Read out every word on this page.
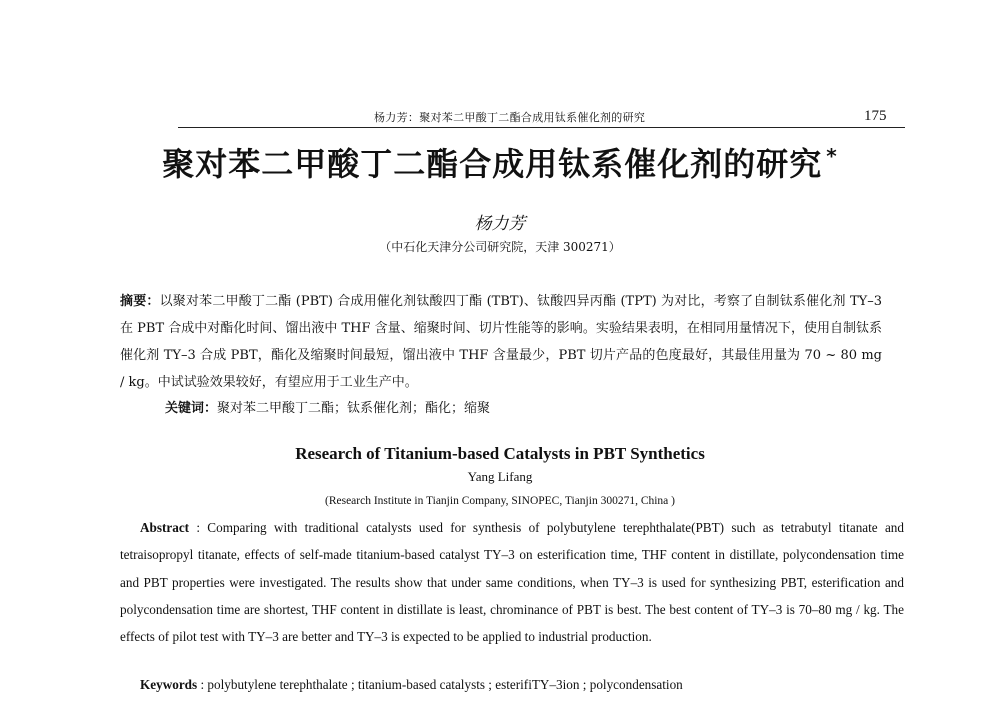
杨力芳：聚对苯二甲酸丁二酯合成用钛系催化剂的研究	175
聚对苯二甲酸丁二酯合成用钛系催化剂的研究 *
杨力芳
（中石化天津分公司研究院，天津 300271）
摘要：以聚对苯二甲酸丁二酯 (PBT) 合成用催化剂钛酸四丁酯 (TBT)、钛酸四异丙酯 (TPT) 为对比，考察了自制钛系催化剂 TY–3 在 PBT 合成中对酯化时间、馏出液中 THF 含量、缩聚时间、切片性能等的影响。实验结果表明，在相同用量情况下，使用自制钛系催化剂 TY–3 合成 PBT，酯化及缩聚时间最短，馏出液中 THF 含量最少，PBT 切片产品的色度最好，其最佳用量为 70 ~ 80 mg / kg。中试试验效果较好，有望应用于工业生产中。
关键词：聚对苯二甲酸丁二酯；钛系催化剂；酯化；缩聚
Research of Titanium-based Catalysts in PBT Synthetics
Yang Lifang
(Research Institute in Tianjin Company, SINOPEC, Tianjin 300271, China )
Abstract : Comparing with traditional catalysts used for synthesis of polybutylene terephthalate(PBT) such as tetrabutyl titanate and tetraisopropyl titanate, effects of self-made titanium-based catalyst TY–3 on esterification time, THF content in distillate, polycondensation time and PBT properties were investigated. The results show that under same conditions, when TY–3 is used for synthesizing PBT, esterification and polycondensation time are shortest, THF content in distillate is least, chrominance of PBT is best. The best content of TY–3 is 70–80 mg / kg. The effects of pilot test with TY–3 are better and TY–3 is expected to be applied to industrial production.
Keywords : polybutylene terephthalate ; titanium-based catalysts ; esterifiTY–3ion ; polycondensation
